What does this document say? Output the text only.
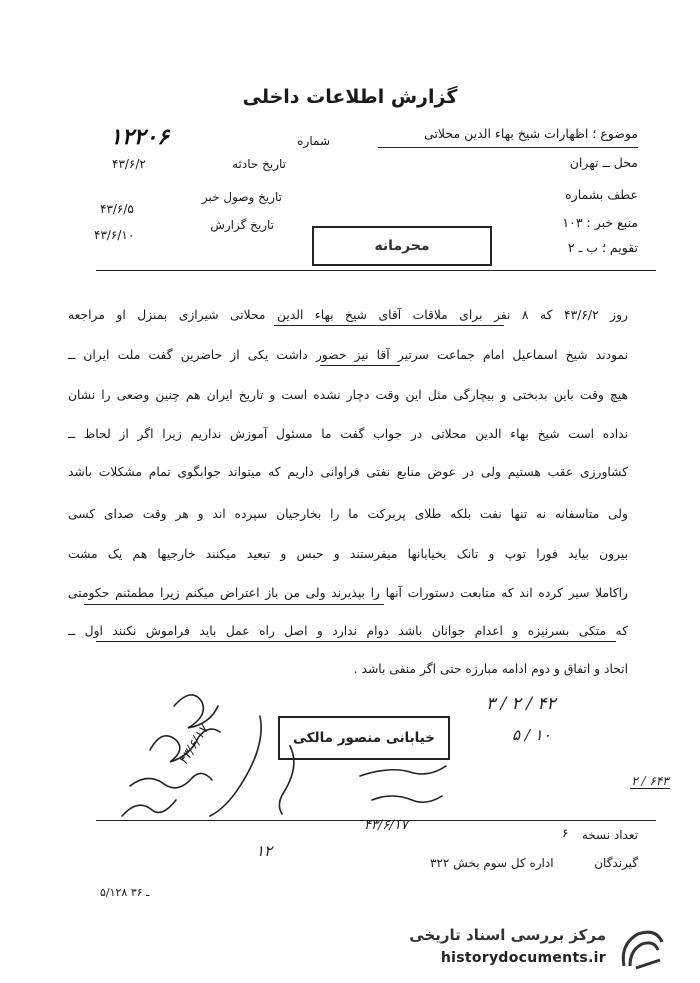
گزارش اطلاعات داخلی
موضوع ؛ اظهارات شیخ بهاء الدین محلاتی
محل ــ تهران
عطف بشماره
منبع خبر : ۱۰۳
تقویم ؛ ب ـ ۲
شماره
۱۲۲۰۶
تاریخ حادثه
۴۳/۶/۲
تاریخ وصول خبر
۴۳/۶/۵
تاریخ گزارش
۴۳/۶/۱۰
محرمانه
روز ۴۳/۶/۲ که ۸ نفر برای ملاقات آقای شیخ بهاء الدین محلاتی شیرازی بمنزل او مراجعه
نمودند شیخ اسماعیل امام جماعت سرتیر آقا نیز حضور داشت یکی از حاضرین گفت ملت ایران ــ
هیچ وقت باین بدبختی و بیچارگی مثل این وقت دچار نشده است و تاریخ ایران هم چنین وضعی را نشان
نداده است شیخ بهاء الدین محلاتی در جواب گفت ما مسئول آموزش نداریم زیرا اگر از لحاظ ــ
کشاورزی عقب هستیم ولی در عوض منابع نفتی فراوانی داریم که میتواند جوابگوی تمام مشکلات باشد
ولی متاسفانه نه تنها نفت بلکه طلای پربرکت ما را بخارجیان سپرده اند و هر وقت صدای کسی
بیرون بیاید فورا توپ و تانک بخیابانها میفرستند و حبس و تبعید میکنند خارجیها هم یک مشت
راکاملا سیر کرده اند که متابعت دستورات آنها را بپذیرند ولی من باز اعتراض میکنم زیرا مطمئنم حکومتی
که متکی بسرنیزه و اعدام جوانان باشد دوام ندارد و اصل راه عمل باید فراموش نکنند اول ــ
اتحاد و اتفاق و دوم ادامه مبارزه حتی اگر منفی باشد .
خیابانی منصور مالکی
۳ / ۲ / ۴۲
۵ / ۱۰
۲ / ۶۴۳
۴۳/۶/۱۷
۱۲
۴۳/۶/۱۷
تعداد نسخه
۶
گیرندگان
اداره کل سوم بخش ۳۲۲
۵/۱۲۸ ـ ۳۶
مرکز بررسی اسناد تاریخی
historydocuments.ir
